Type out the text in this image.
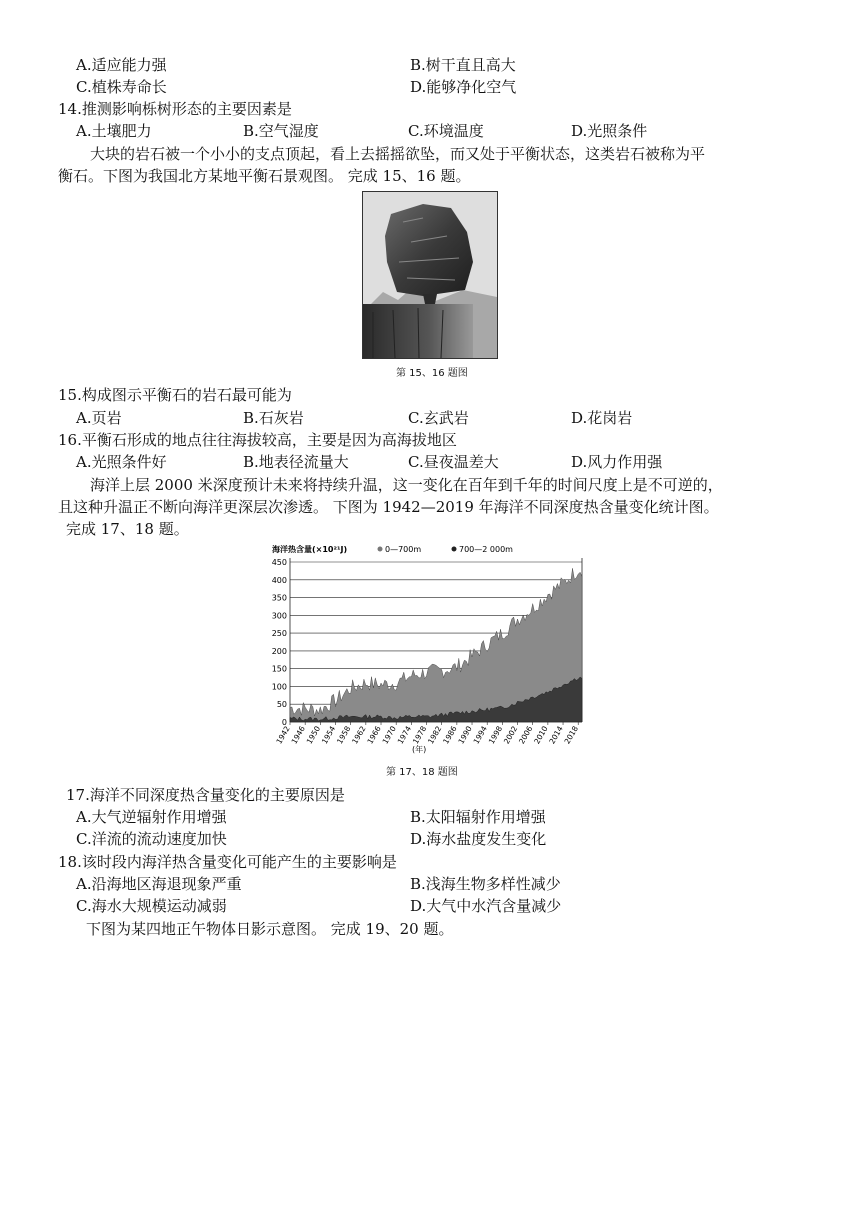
A.适应能力强	B.树干直且高大
C.植株寿命长	D.能够净化空气
14.推测影响栎树形态的主要因素是
A.土壤肥力	B.空气湿度	C.环境温度	D.光照条件
大块的岩石被一个小小的支点顶起，看上去摇摇欲坠，而又处于平衡状态，这类岩石被称为平
衡石。下图为我国北方某地平衡石景观图。 完成 15、16 题。
第 15、16 题图
15.构成图示平衡石的岩石最可能为
A.页岩	B.石灰岩	C.玄武岩	D.花岗岩
16.平衡石形成的地点往往海拔较高，主要是因为高海拔地区
A.光照条件好	B.地表径流量大	C.昼夜温差大	D.风力作用强
海洋上层 2000 米深度预计未来将持续升温，这一变化在百年到千年的时间尺度上是不可逆的，
且这种升温正不断向海洋更深层次渗透。 下图为 1942—2019 年海洋不同深度热含量变化统计图。
完成 17、18 题。
海洋热含量(×10²¹J)	0—700m	700—2 000m
0
50
100
150
200
250
300
350
400
450
1942
1946
1950
1954
1958
1962
1966
1970
1974
1978
1982
1986
1990
1994
1998
2002
2006
2010
2014
2018
(年)
第 17、18 题图
17.海洋不同深度热含量变化的主要原因是
A.大气逆辐射作用增强	B.太阳辐射作用增强
C.洋流的流动速度加快	D.海水盐度发生变化
18.该时段内海洋热含量变化可能产生的主要影响是
A.沿海地区海退现象严重	B.浅海生物多样性减少
C.海水大规模运动减弱	D.大气中水汽含量减少
下图为某四地正午物体日影示意图。 完成 19、20 题。
